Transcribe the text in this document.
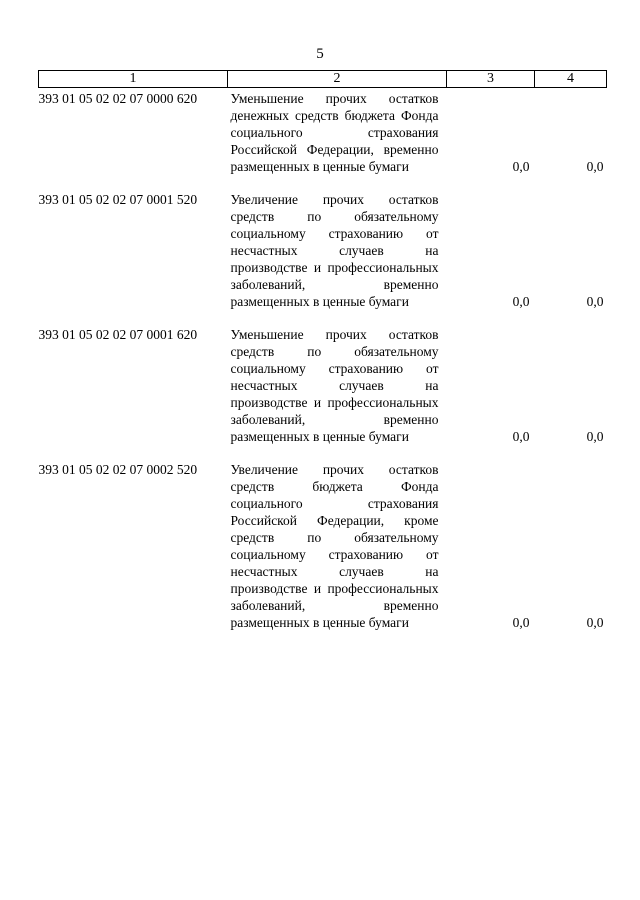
5
1	2	3	4
393 01 05 02 02 07 0000 620	Уменьшение прочих остатков денежных средств бюджета Фонда социального страхования Российской Федерации, временно размещенных в ценные бумаги	0,0	0,0
393 01 05 02 02 07 0001 520	Увеличение прочих остатков средств по обязательному социальному страхованию от несчастных случаев на производстве и профессиональных заболеваний, временно размещенных в ценные бумаги	0,0	0,0
393 01 05 02 02 07 0001 620	Уменьшение прочих остатков средств по обязательному социальному страхованию от несчастных случаев на производстве и профессиональных заболеваний, временно размещенных в ценные бумаги	0,0	0,0
393 01 05 02 02 07 0002 520	Увеличение прочих остатков средств бюджета Фонда социального страхования Российской Федерации, кроме средств по обязательному социальному страхованию от несчастных случаев на производстве и профессиональных заболеваний, временно размещенных в ценные бумаги	0,0	0,0
